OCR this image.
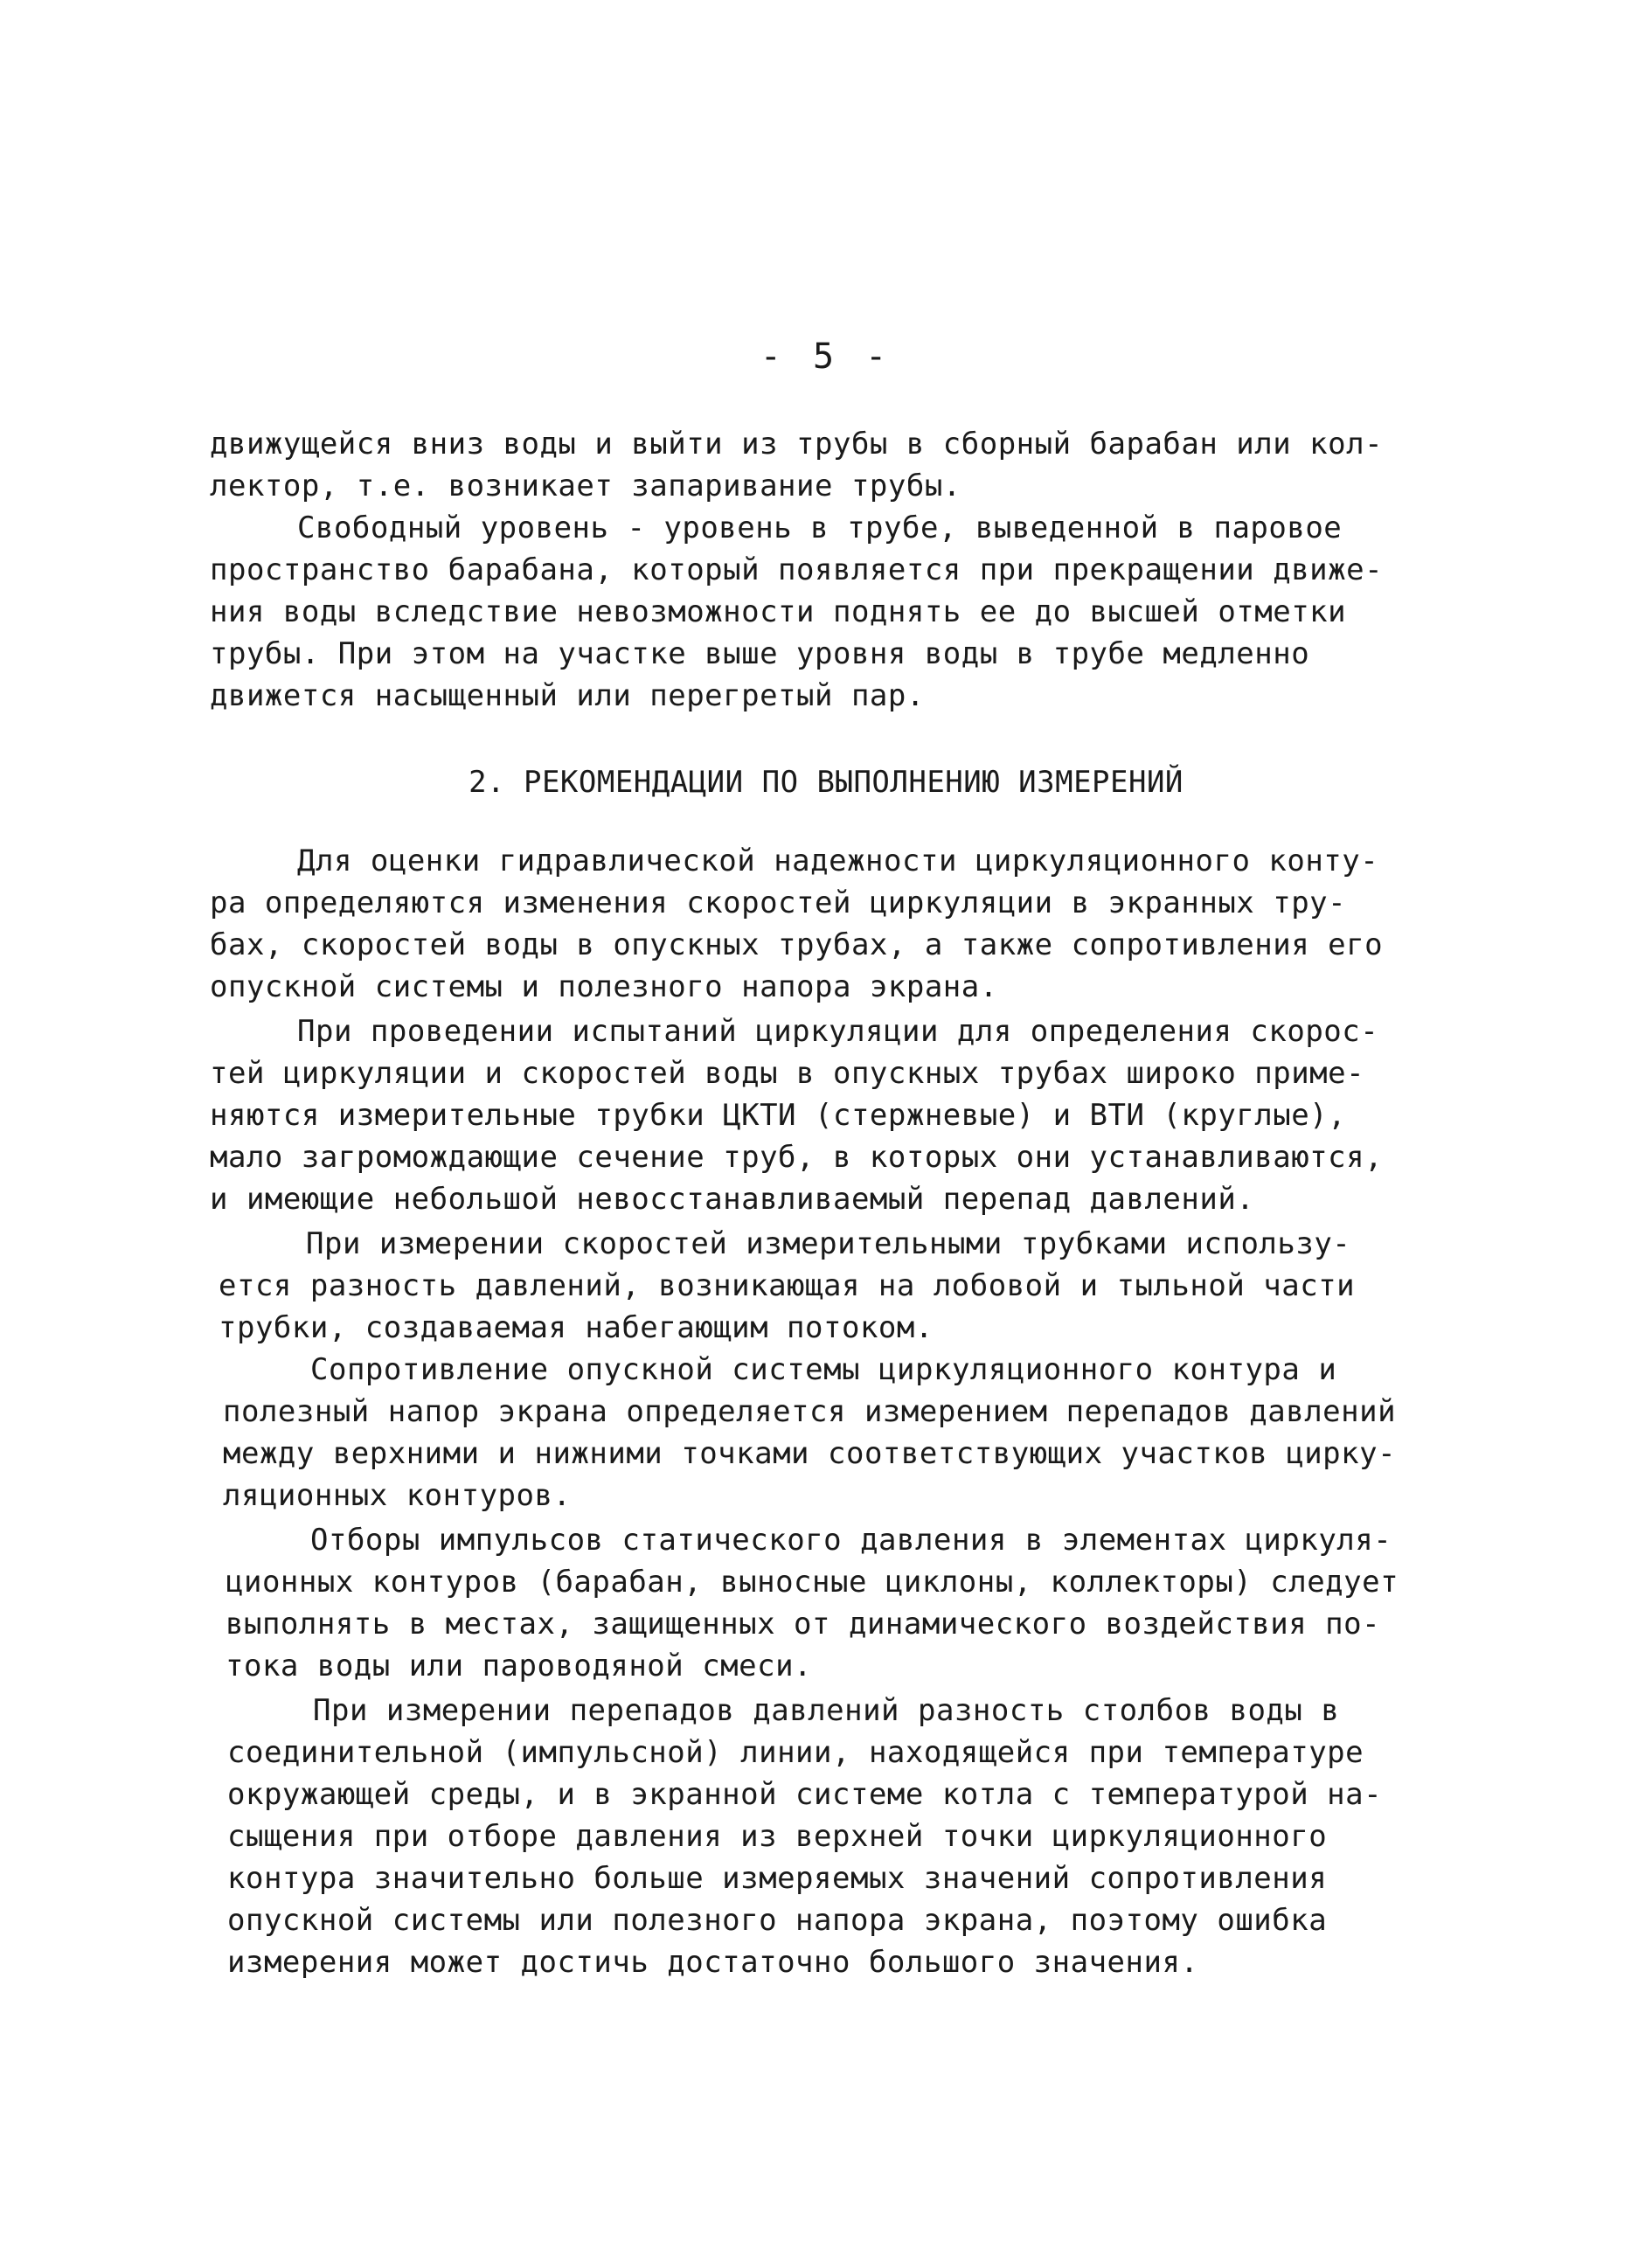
- 5 -
движущейся вниз воды и выйти из трубы в сборный барабан или кол-
лектор, т.е. возникает запаривание трубы.
Свободный уровень - уровень в трубе, выведенной в паровое
пространство барабана, который появляется при прекращении движе-
ния воды вследствие невозможности поднять ее до высшей отметки
трубы. При этом на участке выше уровня воды в трубе медленно
движется насыщенный или перегретый пар.
2. РЕКОМЕНДАЦИИ ПО ВЫПОЛНЕНИЮ ИЗМЕРЕНИЙ
Для оценки гидравлической надежности циркуляционного конту-
ра определяются изменения скоростей циркуляции в экранных тру-
бах, скоростей воды в опускных трубах, а также сопротивления его
опускной системы и полезного напора экрана.
При проведении испытаний циркуляции для определения скорос-
тей циркуляции и скоростей воды в опускных трубах широко приме-
няются измерительные трубки ЦКТИ (стержневые) и ВТИ (круглые),
мало загромождающие сечение труб, в которых они устанавливаются,
и имеющие небольшой невосстанавливаемый перепад давлений.
При измерении скоростей измерительными трубками использу-
ется разность давлений, возникающая на лобовой и тыльной части
трубки, создаваемая набегающим потоком.
Сопротивление опускной системы циркуляционного контура и
полезный напор экрана определяется измерением перепадов давлений
между верхними и нижними точками соответствующих участков цирку-
ляционных контуров.
Отборы импульсов статического давления в элементах циркуля-
ционных контуров (барабан, выносные циклоны, коллекторы) следует
выполнять в местах, защищенных от динамического воздействия по-
тока воды или пароводяной смеси.
При измерении перепадов давлений разность столбов воды в
соединительной (импульсной) линии, находящейся при температуре
окружающей среды, и в экранной системе котла с температурой на-
сыщения при отборе давления из верхней точки циркуляционного
контура значительно больше измеряемых значений сопротивления
опускной системы или полезного напора экрана, поэтому ошибка
измерения может достичь достаточно большого значения.
